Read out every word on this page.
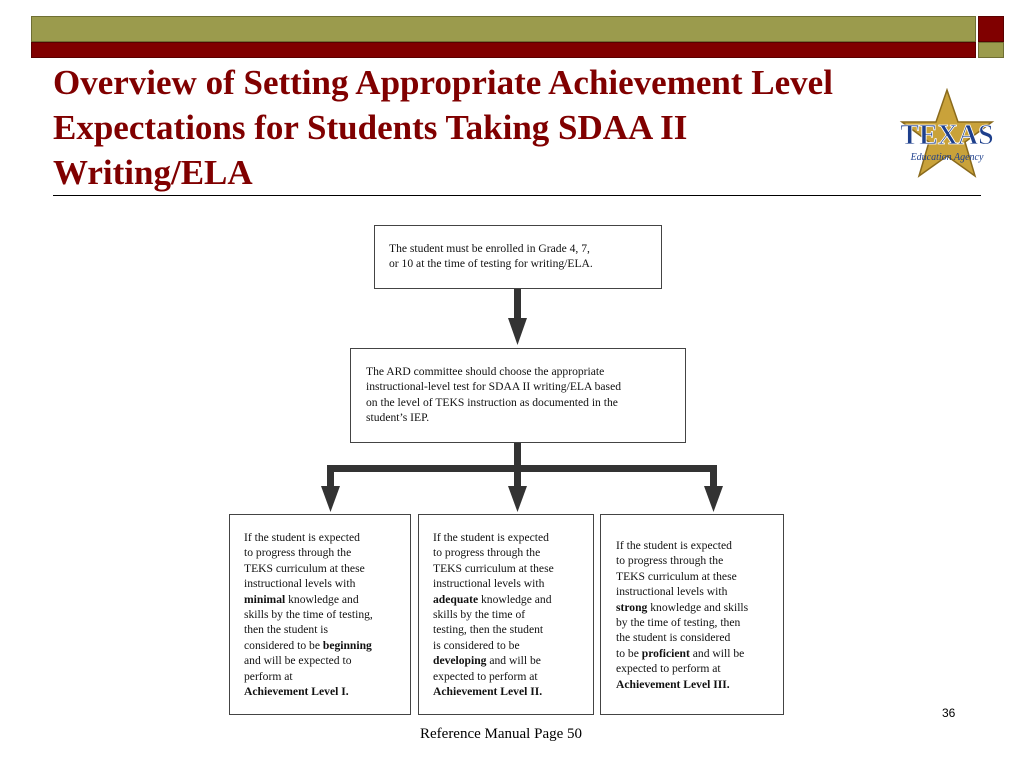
Overview of Setting Appropriate Achievement Level
Expectations for Students Taking SDAA II
Writing/ELA
TEXAS
Education Agency
The student must be enrolled in Grade 4, 7,
or 10 at the time of testing for writing/ELA.
The ARD committee should choose the appropriate
instructional-level test for SDAA II writing/ELA based
on the level of TEKS instruction as documented in the
student’s IEP.
If the student is expected
to progress through the
TEKS curriculum at these
instructional levels with
minimal knowledge and
skills by the time of testing,
then the student is
considered to be beginning
and will be expected to
perform at
Achievement Level I.
If the student is expected
to progress through the
TEKS curriculum at these
instructional levels with
adequate knowledge and
skills by the time of
testing, then the student
is considered to be
developing and will be
expected to perform at
Achievement Level II.
If the student is expected
to progress through the
TEKS curriculum at these
instructional levels with
strong knowledge and skills
by the time of testing, then
the student is considered
to be proficient and will be
expected to perform at
Achievement Level III.
36
Reference Manual Page 50
